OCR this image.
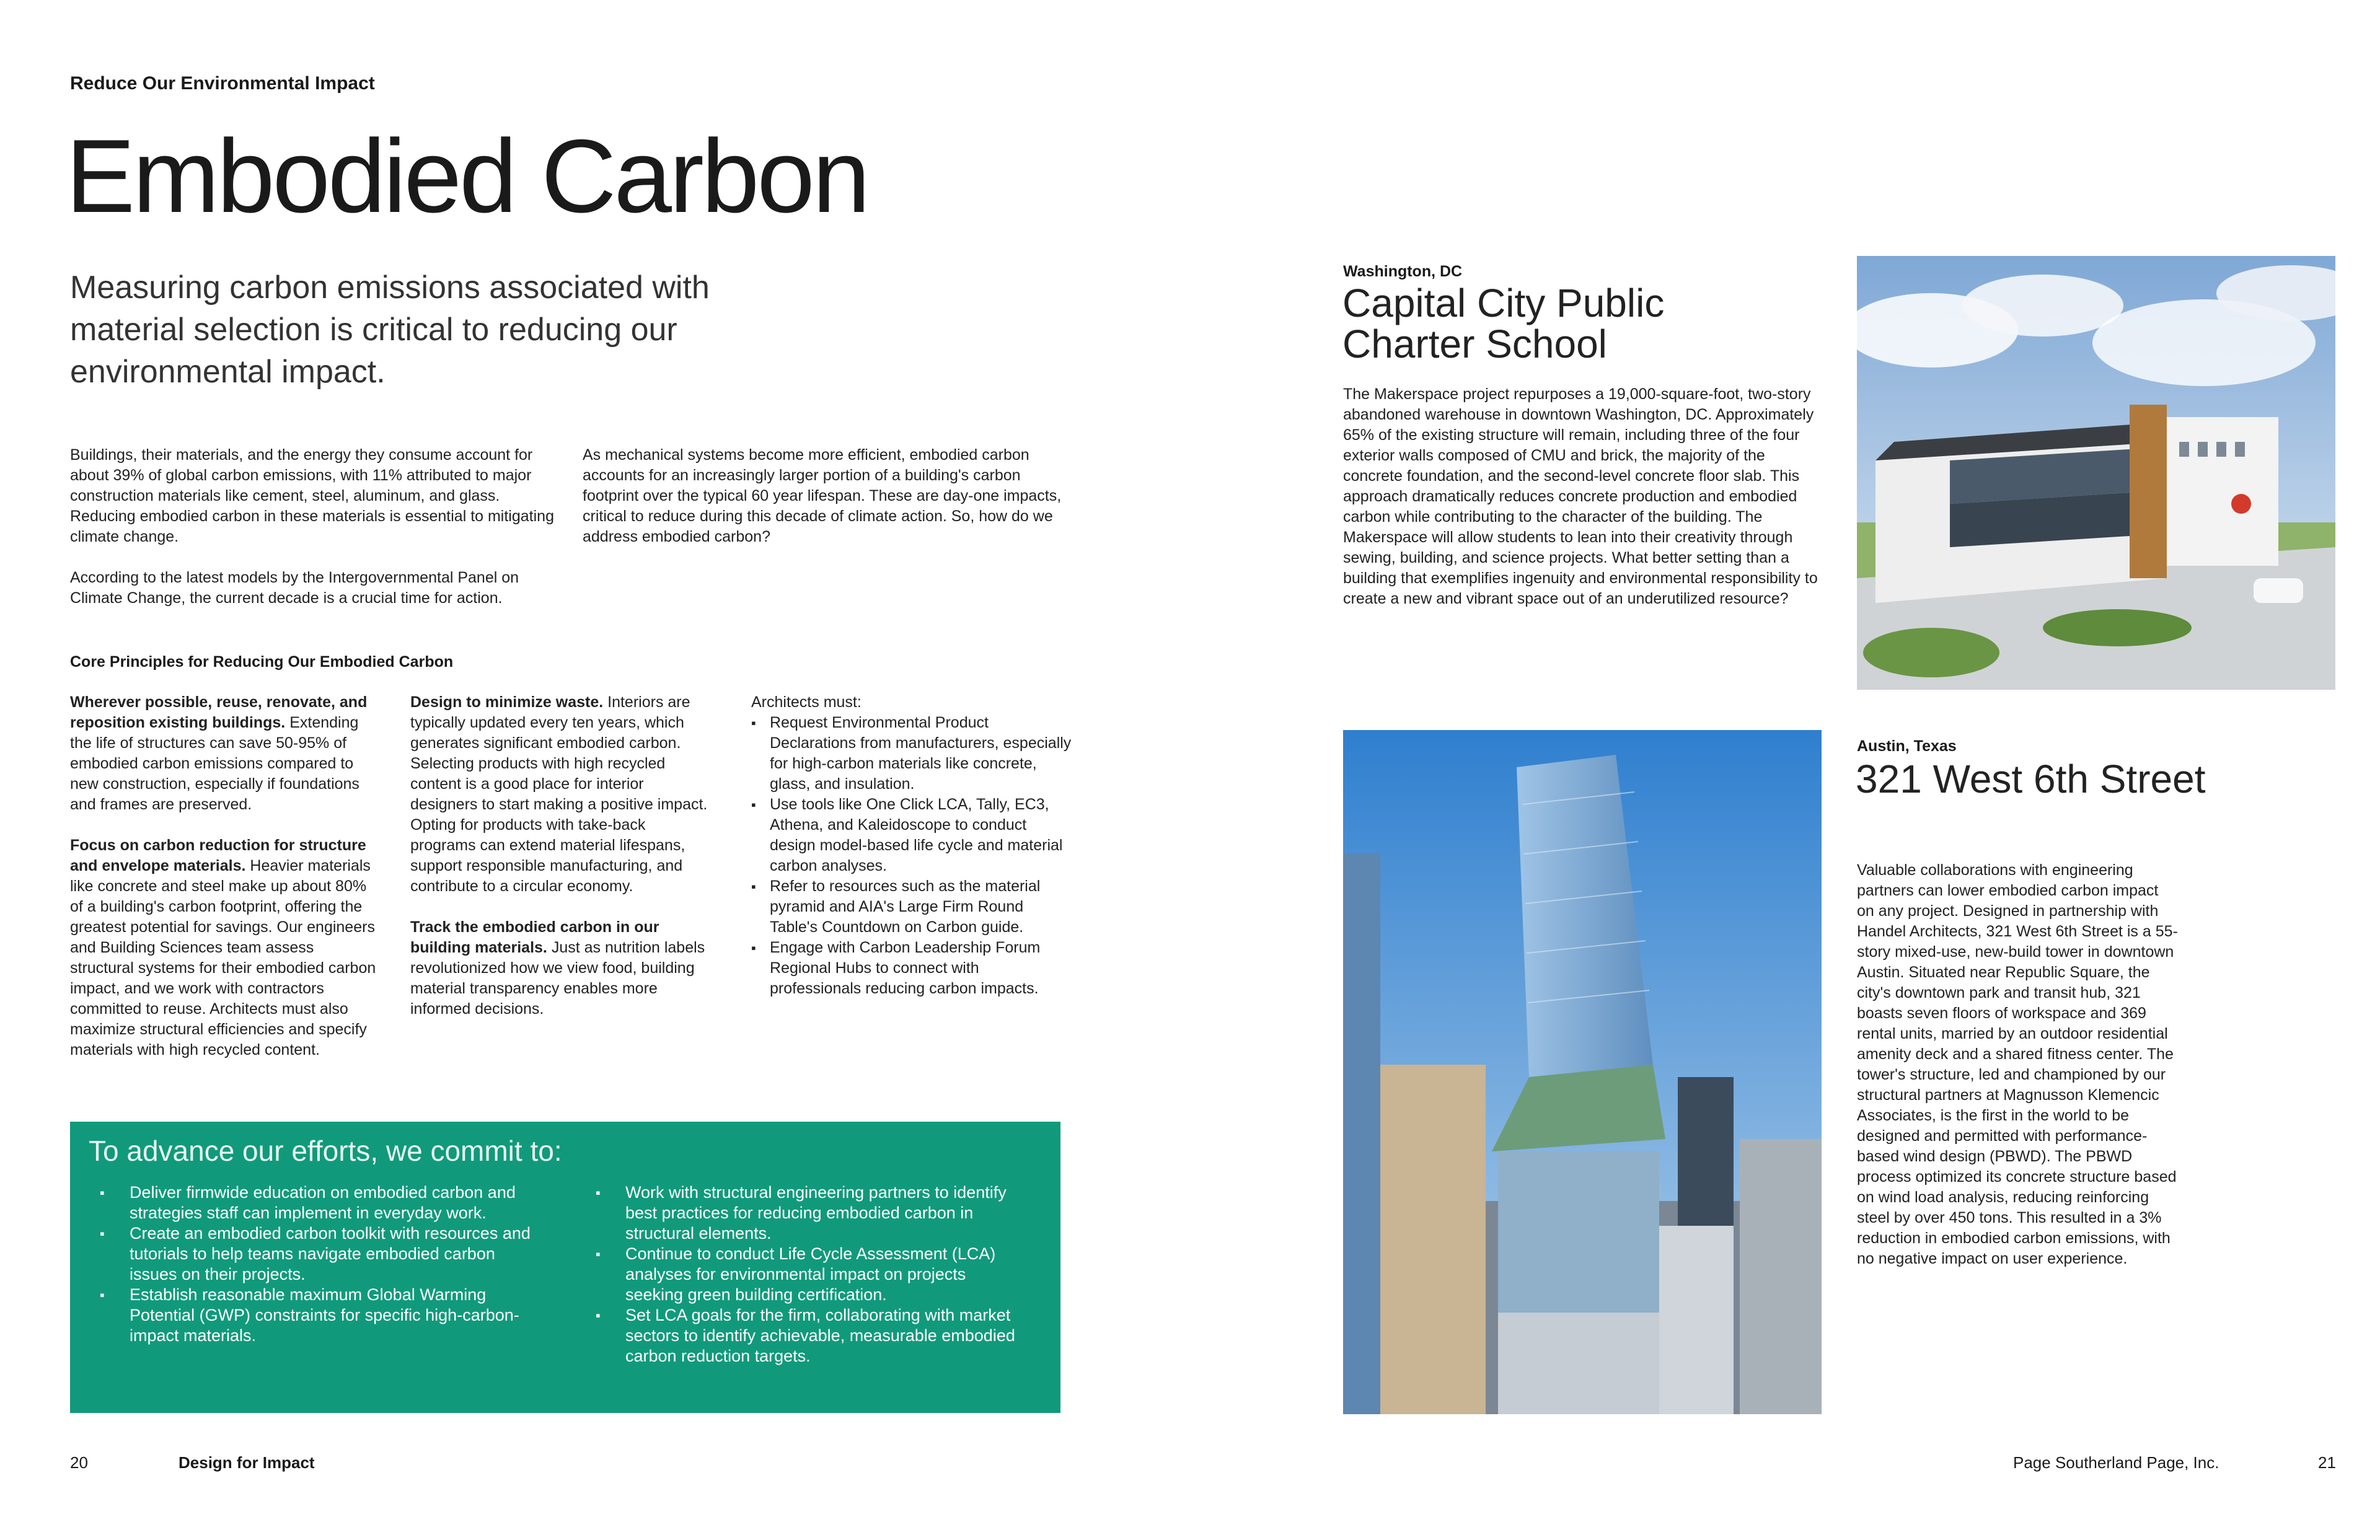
Reduce Our Environmental Impact
Embodied Carbon
Measuring carbon emissions associated with material selection is critical to reducing our environmental impact.

Buildings, their materials, and the energy they consume account for about 39% of global carbon emissions, with 11% attributed to major construction materials like cement, steel, aluminum, and glass. Reducing embodied carbon in these materials is essential to mitigating climate change.

According to the latest models by the Intergovernmental Panel on Climate Change, the current decade is a crucial time for action.

As mechanical systems become more efficient, embodied carbon accounts for an increasingly larger portion of a building's carbon footprint over the typical 60 year lifespan. These are day-one impacts, critical to reduce during this decade of climate action. So, how do we address embodied carbon?

Core Principles for Reducing Our Embodied Carbon

Wherever possible, reuse, renovate, and reposition existing buildings. Extending the life of structures can save 50-95% of embodied carbon emissions compared to new construction, especially if foundations and frames are preserved.

Focus on carbon reduction for structure and envelope materials. Heavier materials like concrete and steel make up about 80% of a building's carbon footprint, offering the greatest potential for savings. Our engineers and Building Sciences team assess structural systems for their embodied carbon impact, and we work with contractors committed to reuse. Architects must also maximize structural efficiencies and specify materials with high recycled content.

Design to minimize waste. Interiors are typically updated every ten years, which generates significant embodied carbon. Selecting products with high recycled content is a good place for interior designers to start making a positive impact. Opting for products with take-back programs can extend material lifespans, support responsible manufacturing, and contribute to a circular economy.

Track the embodied carbon in our building materials. Just as nutrition labels revolutionized how we view food, building material transparency enables more informed decisions.

Architects must:
▪ Request Environmental Product Declarations from manufacturers, especially for high-carbon materials like concrete, glass, and insulation.
▪ Use tools like One Click LCA, Tally, EC3, Athena, and Kaleidoscope to conduct design model-based life cycle and material carbon analyses.
▪ Refer to resources such as the material pyramid and AIA's Large Firm Round Table's Countdown on Carbon guide.
▪ Engage with Carbon Leadership Forum Regional Hubs to connect with professionals reducing carbon impacts.
To advance our efforts, we commit to:
▪ Deliver firmwide education on embodied carbon and strategies staff can implement in everyday work.
▪ Create an embodied carbon toolkit with resources and tutorials to help teams navigate embodied carbon issues on their projects.
▪ Establish reasonable maximum Global Warming Potential (GWP) constraints for specific high-carbon-impact materials.
▪ Work with structural engineering partners to identify best practices for reducing embodied carbon in structural elements.
▪ Continue to conduct Life Cycle Assessment (LCA) analyses for environmental impact on projects seeking green building certification.
▪ Set LCA goals for the firm, collaborating with market sectors to identify achievable, measurable embodied carbon reduction targets.
20	Design for Impact
Washington, DC
Capital City Public Charter School
The Makerspace project repurposes a 19,000-square-foot, two-story abandoned warehouse in downtown Washington, DC. Approximately 65% of the existing structure will remain, including three of the four exterior walls composed of CMU and brick, the majority of the concrete foundation, and the second-level concrete floor slab. This approach dramatically reduces concrete production and embodied carbon while contributing to the character of the building. The Makerspace will allow students to lean into their creativity through sewing, building, and science projects. What better setting than a building that exemplifies ingenuity and environmental responsibility to create a new and vibrant space out of an underutilized resource?
Austin, Texas
321 West 6th Street
Valuable collaborations with engineering partners can lower embodied carbon impact on any project. Designed in partnership with Handel Architects, 321 West 6th Street is a 55-story mixed-use, new-build tower in downtown Austin. Situated near Republic Square, the city's downtown park and transit hub, 321 boasts seven floors of workspace and 369 rental units, married by an outdoor residential amenity deck and a shared fitness center. The tower's structure, led and championed by our structural partners at Magnusson Klemencic Associates, is the first in the world to be designed and permitted with performance-based wind design (PBWD). The PBWD process optimized its concrete structure based on wind load analysis, reducing reinforcing steel by over 450 tons. This resulted in a 3% reduction in embodied carbon emissions, with no negative impact on user experience.
Page Southerland Page, Inc.	21
